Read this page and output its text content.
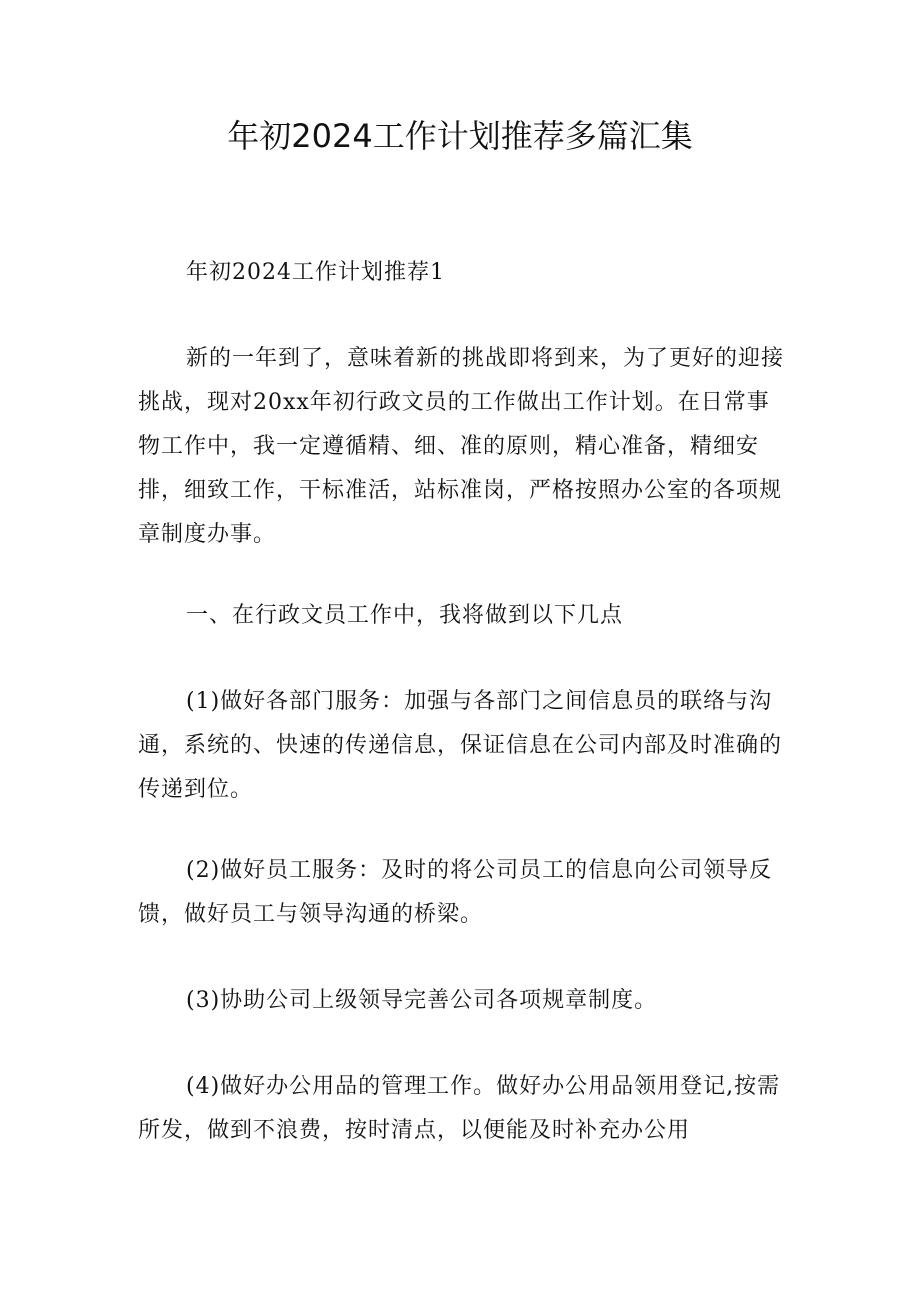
年初2024工作计划推荐多篇汇集

年初2024工作计划推荐1

新的一年到了，意味着新的挑战即将到来，为了更好的迎接挑战，现对20xx年初行政文员的工作做出工作计划。在日常事物工作中，我一定遵循精、细、准的原则，精心准备，精细安排，细致工作，干标准活，站标准岗，严格按照办公室的各项规章制度办事。

一、在行政文员工作中，我将做到以下几点

(1)做好各部门服务：加强与各部门之间信息员的联络与沟通，系统的、快速的传递信息，保证信息在公司内部及时准确的传递到位。

(2)做好员工服务：及时的将公司员工的信息向公司领导反馈，做好员工与领导沟通的桥梁。

(3)协助公司上级领导完善公司各项规章制度。

(4)做好办公用品的管理工作。做好办公用品领用登记,按需所发，做到不浪费，按时清点，以便能及时补充办公用
